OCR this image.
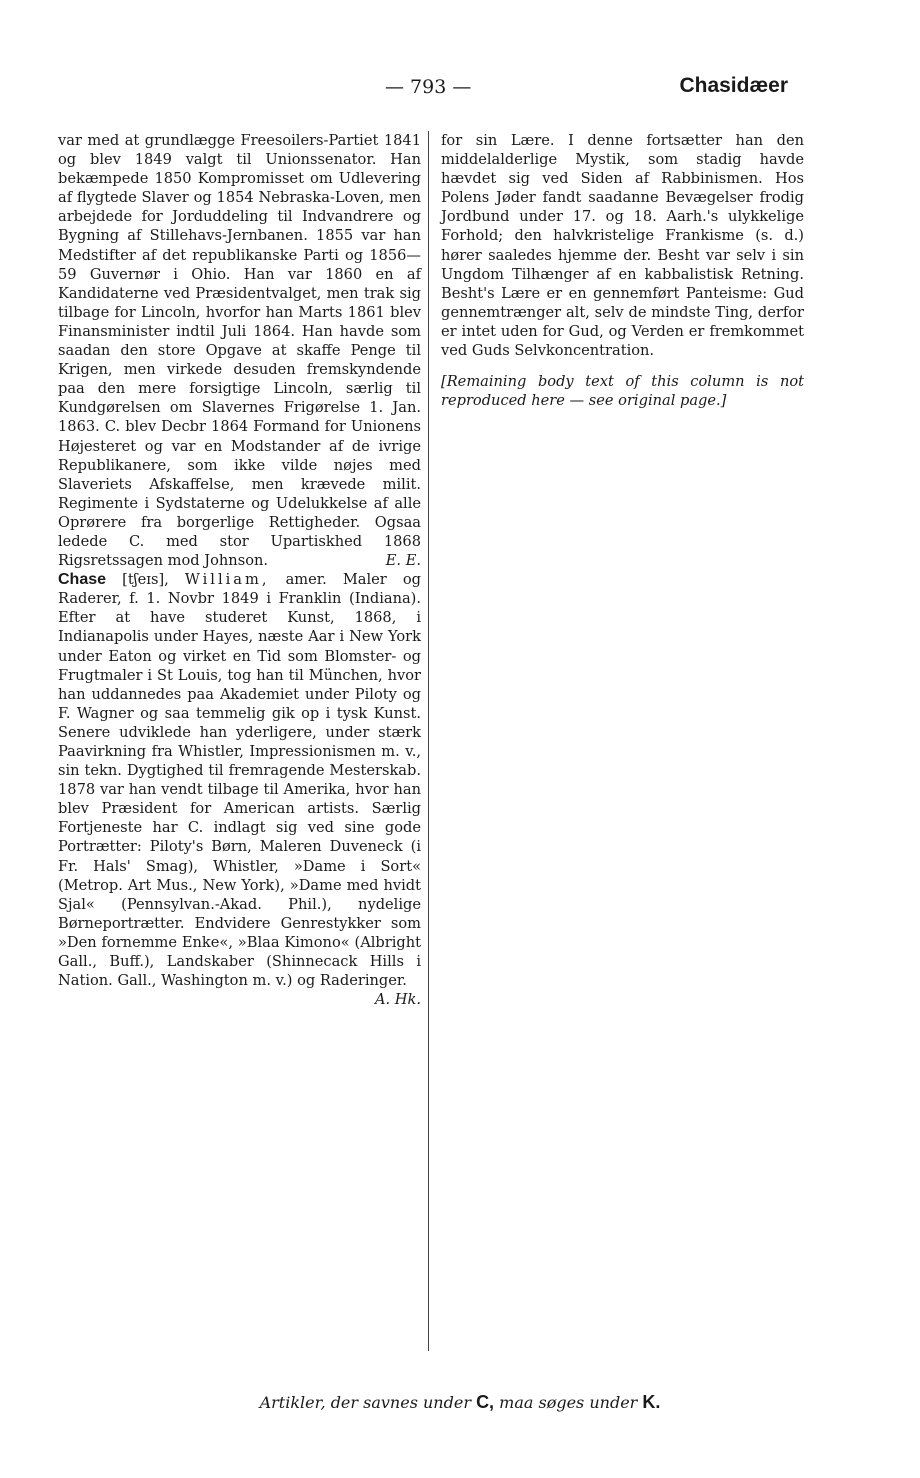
— 793 —	Chasidæer

var med at grundlægge Freesoilers-Partiet 1841 og blev 1849 valgt til Unionssenator. Han bekæmpede 1850 Kompromisset om Udlevering af flygtede Slaver og 1854 Nebraska-Loven, men arbejdede for Jorduddeling til Indvandrere og Bygning af Stillehavs-Jernbanen. 1855 var han Medstifter af det republikanske Parti og 1856—59 Guvernør i Ohio. Han var 1860 en af Kandidaterne ved Præsidentvalget, men trak sig tilbage for Lincoln, hvorfor han Marts 1861 blev Finansminister indtil Juli 1864. Han havde som saadan den store Opgave at skaffe Penge til Krigen, men virkede desuden fremskyndende paa den mere forsigtige Lincoln, særlig til Kundgørelsen om Slavernes Frigørelse 1. Jan. 1863. C. blev Decbr 1864 Formand for Unionens Højesteret og var en Modstander af de ivrige Republikanere, som ikke vilde nøjes med Slaveriets Afskaffelse, men krævede milit. Regimente i Sydstaterne og Udelukkelse af alle Oprørere fra borgerlige Rettigheder. Ogsaa ledede C. med stor Upartiskhed 1868 Rigsretssagen mod Johnson.	E. E.

Chase [tʃeɪs], William, amer. Maler og Raderer, f. 1. Novbr 1849 i Franklin (Indiana). Efter at have studeret Kunst, 1868, i Indianapolis under Hayes, næste Aar i New York under Eaton og virket en Tid som Blomster- og Frugtmaler i St Louis, tog han til München, hvor han uddannedes paa Akademiet under Piloty og F. Wagner og saa temmelig gik op i tysk Kunst. Senere udviklede han yderligere, under stærk Paavirkning fra Whistler, Impressionismen m. v., sin tekn. Dygtighed til fremragende Mesterskab. 1878 var han vendt tilbage til Amerika, hvor han blev Præsident for American artists. Særlig Fortjeneste har C. indlagt sig ved sine gode Portrætter: Piloty's Børn, Maleren Duveneck (i Fr. Hals' Smag), Whistler, »Dame i Sort« (Metrop. Art Mus., New York), »Dame med hvidt Sjal« (Pennsylvan.-Akad. Phil.), nydelige Børneportrætter. Endvidere Genrestykker som »Den fornemme Enke«, »Blaa Kimono« (Albright Gall., Buff.), Landskaber (Shinnecack Hills i Nation. Gall., Washington m. v.) og Raderinger.
A. Hk.

for sin Lære. I denne fortsætter han den middelalderlige Mystik, som stadig havde hævdet sig ved Siden af Rabbinismen. Hos Polens Jøder fandt saadanne Bevægelser frodig Jordbund under 17. og 18. Aarh.'s ulykkelige Forhold; den halvkristelige Frankisme (s. d.) hører saaledes hjemme der. Besht var selv i sin Ungdom Tilhænger af en kabbalistisk Retning. Besht's Lære er en gennemført Panteisme: Gud gennemtrænger alt, selv de mindste Ting, derfor er intet uden for Gud, og Verden er fremkommet ved Guds Selvkoncentration.

[Remaining body text of this column is not reproduced here — see original page.]

Artikler, der savnes under C, maa søges under K.
